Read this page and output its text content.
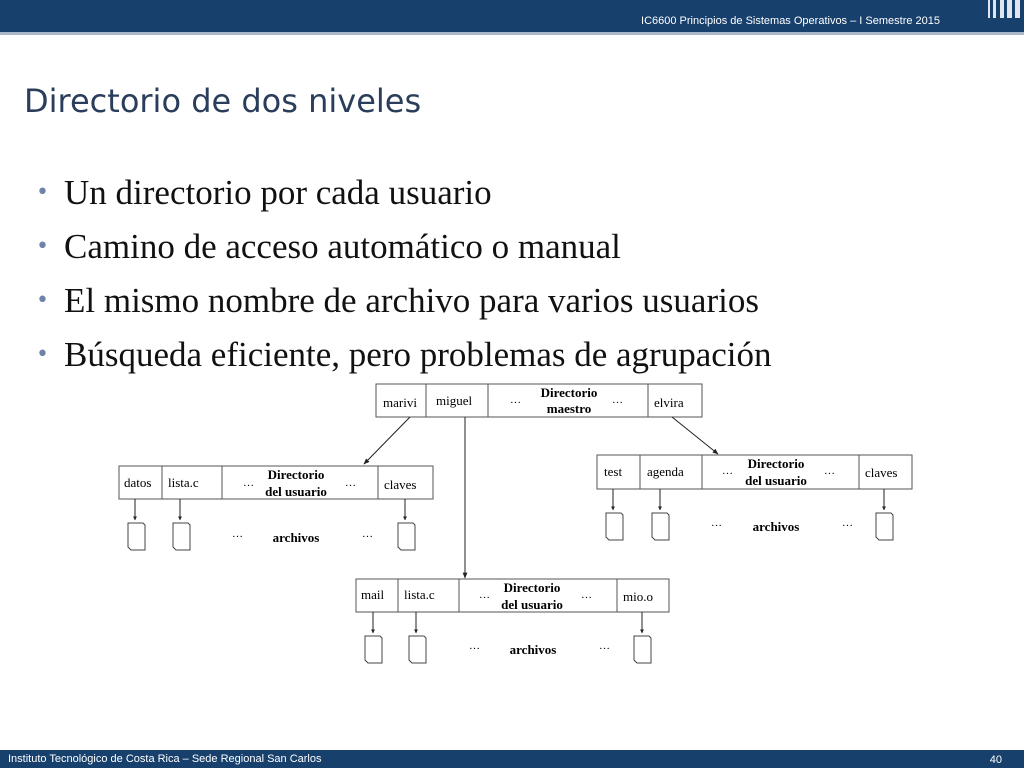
IC6600 Principios de Sistemas Operativos – I Semestre 2015
Directorio de dos niveles
• Un directorio por cada usuario
• Camino de acceso automático o manual
• El mismo nombre de archivo para varios usuarios
• Búsqueda eficiente, pero problemas de agrupación
marivi miguel	…	… elvira
Directorio
maestro
datos lista.c	…	… claves
Directorio
del usuario
…	…
archivos
test agenda	…	… claves
Directorio
del usuario
…	…
archivos
mail lista.c	…	… mio.o
Directorio
del usuario
…	…
archivos
Instituto Tecnológico de Costa Rica – Sede Regional San Carlos	40
